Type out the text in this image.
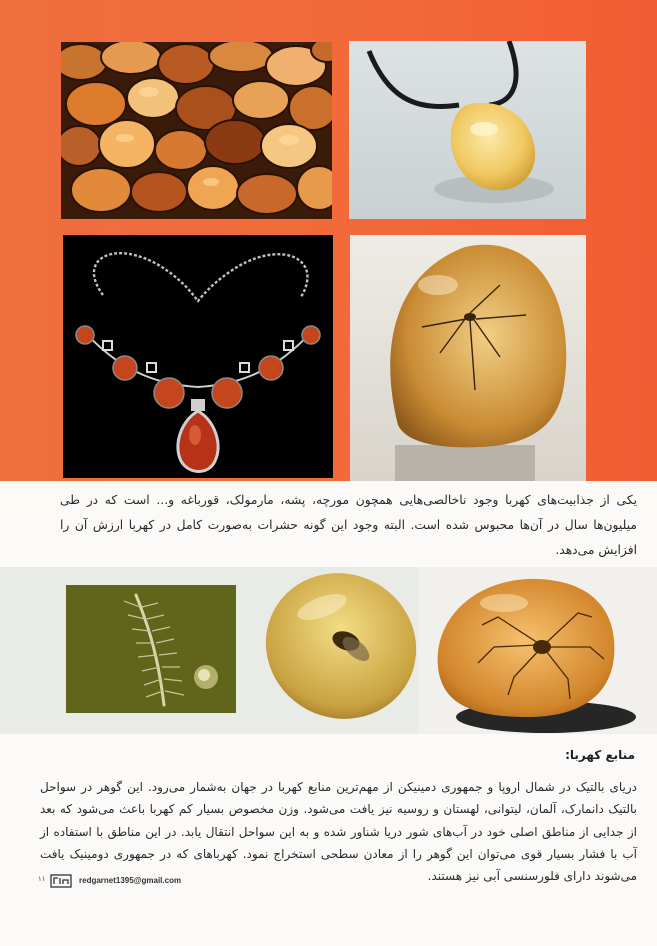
یکی از جذابیت‌های کهربا وجود ناخالصی‌هایی همچون مورچه، پشه، مارمولک، قورباغه و... است که در طی میلیون‌ها سال در آن‌ها محبوس شده است. البته وجود این گونه حشرات به‌صورت کامل در کهربا ارزش آن را افزایش می‌دهد.

منابع کهربا:

دریای بالتیک در شمال اروپا و جمهوری دمینیکن از مهم‌ترین منابع کهربا در جهان به‌شمار می‌رود. این گوهر در سواحل بالتیک دانمارک، آلمان، لیتوانی، لهستان و روسیه نیز یافت می‌شود. وزن مخصوص بسیار کم کهربا باعث می‌شود که بعد از جدایی از مناطق اصلی خود در آب‌های شور دریا شناور شده و به این سواحل انتقال یابد. در این مناطق با استفاده از آب با فشار بسیار قوی می‌توان این گوهر را از معادن سطحی استخراج نمود. کهرباهای که در جمهوری دومینیک یافت می‌شوند دارای فلورسنسی آبی نیز هستند.

۱۱	redgarnet1395@gmail.com
